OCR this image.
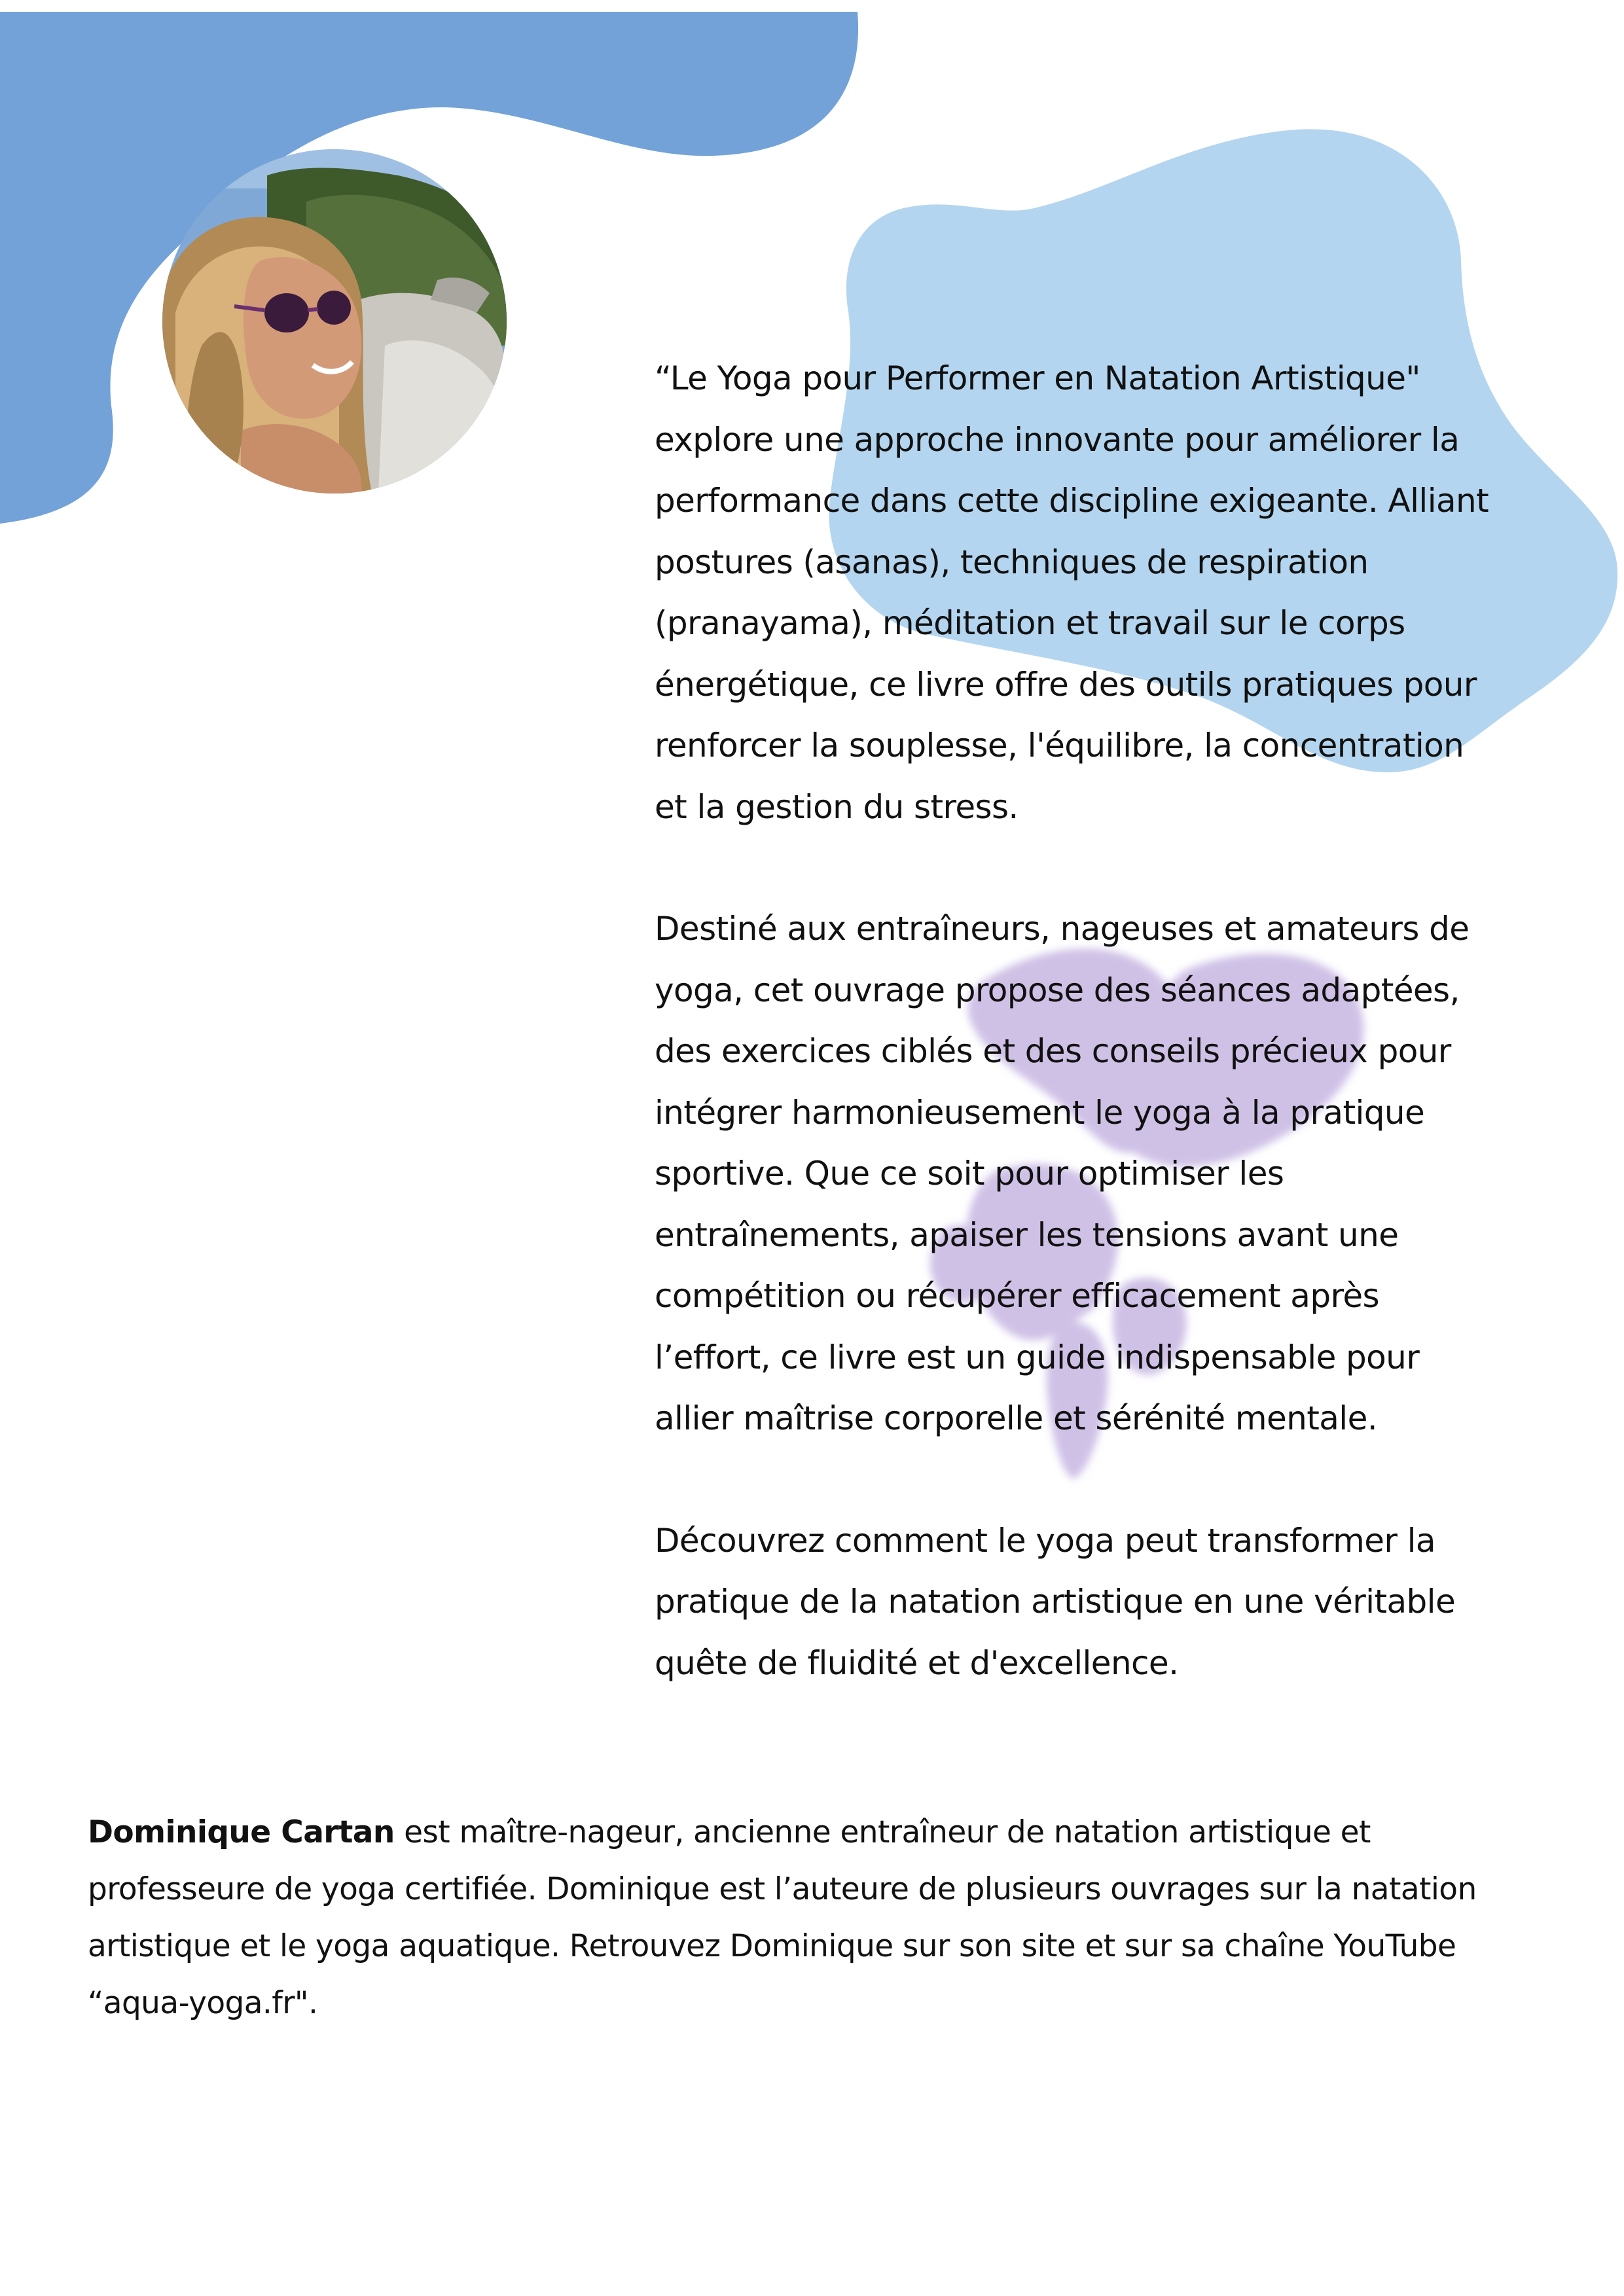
“Le Yoga pour Performer en Natation Artistique"
explore une approche innovante pour améliorer la
performance dans cette discipline exigeante. Alliant
postures (asanas), techniques de respiration
(pranayama), méditation et travail sur le corps
énergétique, ce livre offre des outils pratiques pour
renforcer la souplesse, l'équilibre, la concentration
et la gestion du stress.

Destiné aux entraîneurs, nageuses et amateurs de
yoga, cet ouvrage propose des séances adaptées,
des exercices ciblés et des conseils précieux pour
intégrer harmonieusement le yoga à la pratique
sportive. Que ce soit pour optimiser les
entraînements, apaiser les tensions avant une
compétition ou récupérer efficacement après
l’effort, ce livre est un guide indispensable pour
allier maîtrise corporelle et sérénité mentale.

Découvrez comment le yoga peut transformer la
pratique de la natation artistique en une véritable
quête de fluidité et d'excellence.

Dominique Cartan est maître-nageur, ancienne entraîneur de natation artistique et
professeure de yoga certifiée. Dominique est l’auteure de plusieurs ouvrages sur la natation
artistique et le yoga aquatique. Retrouvez Dominique sur son site et sur sa chaîne YouTube
“aqua-yoga.fr".
